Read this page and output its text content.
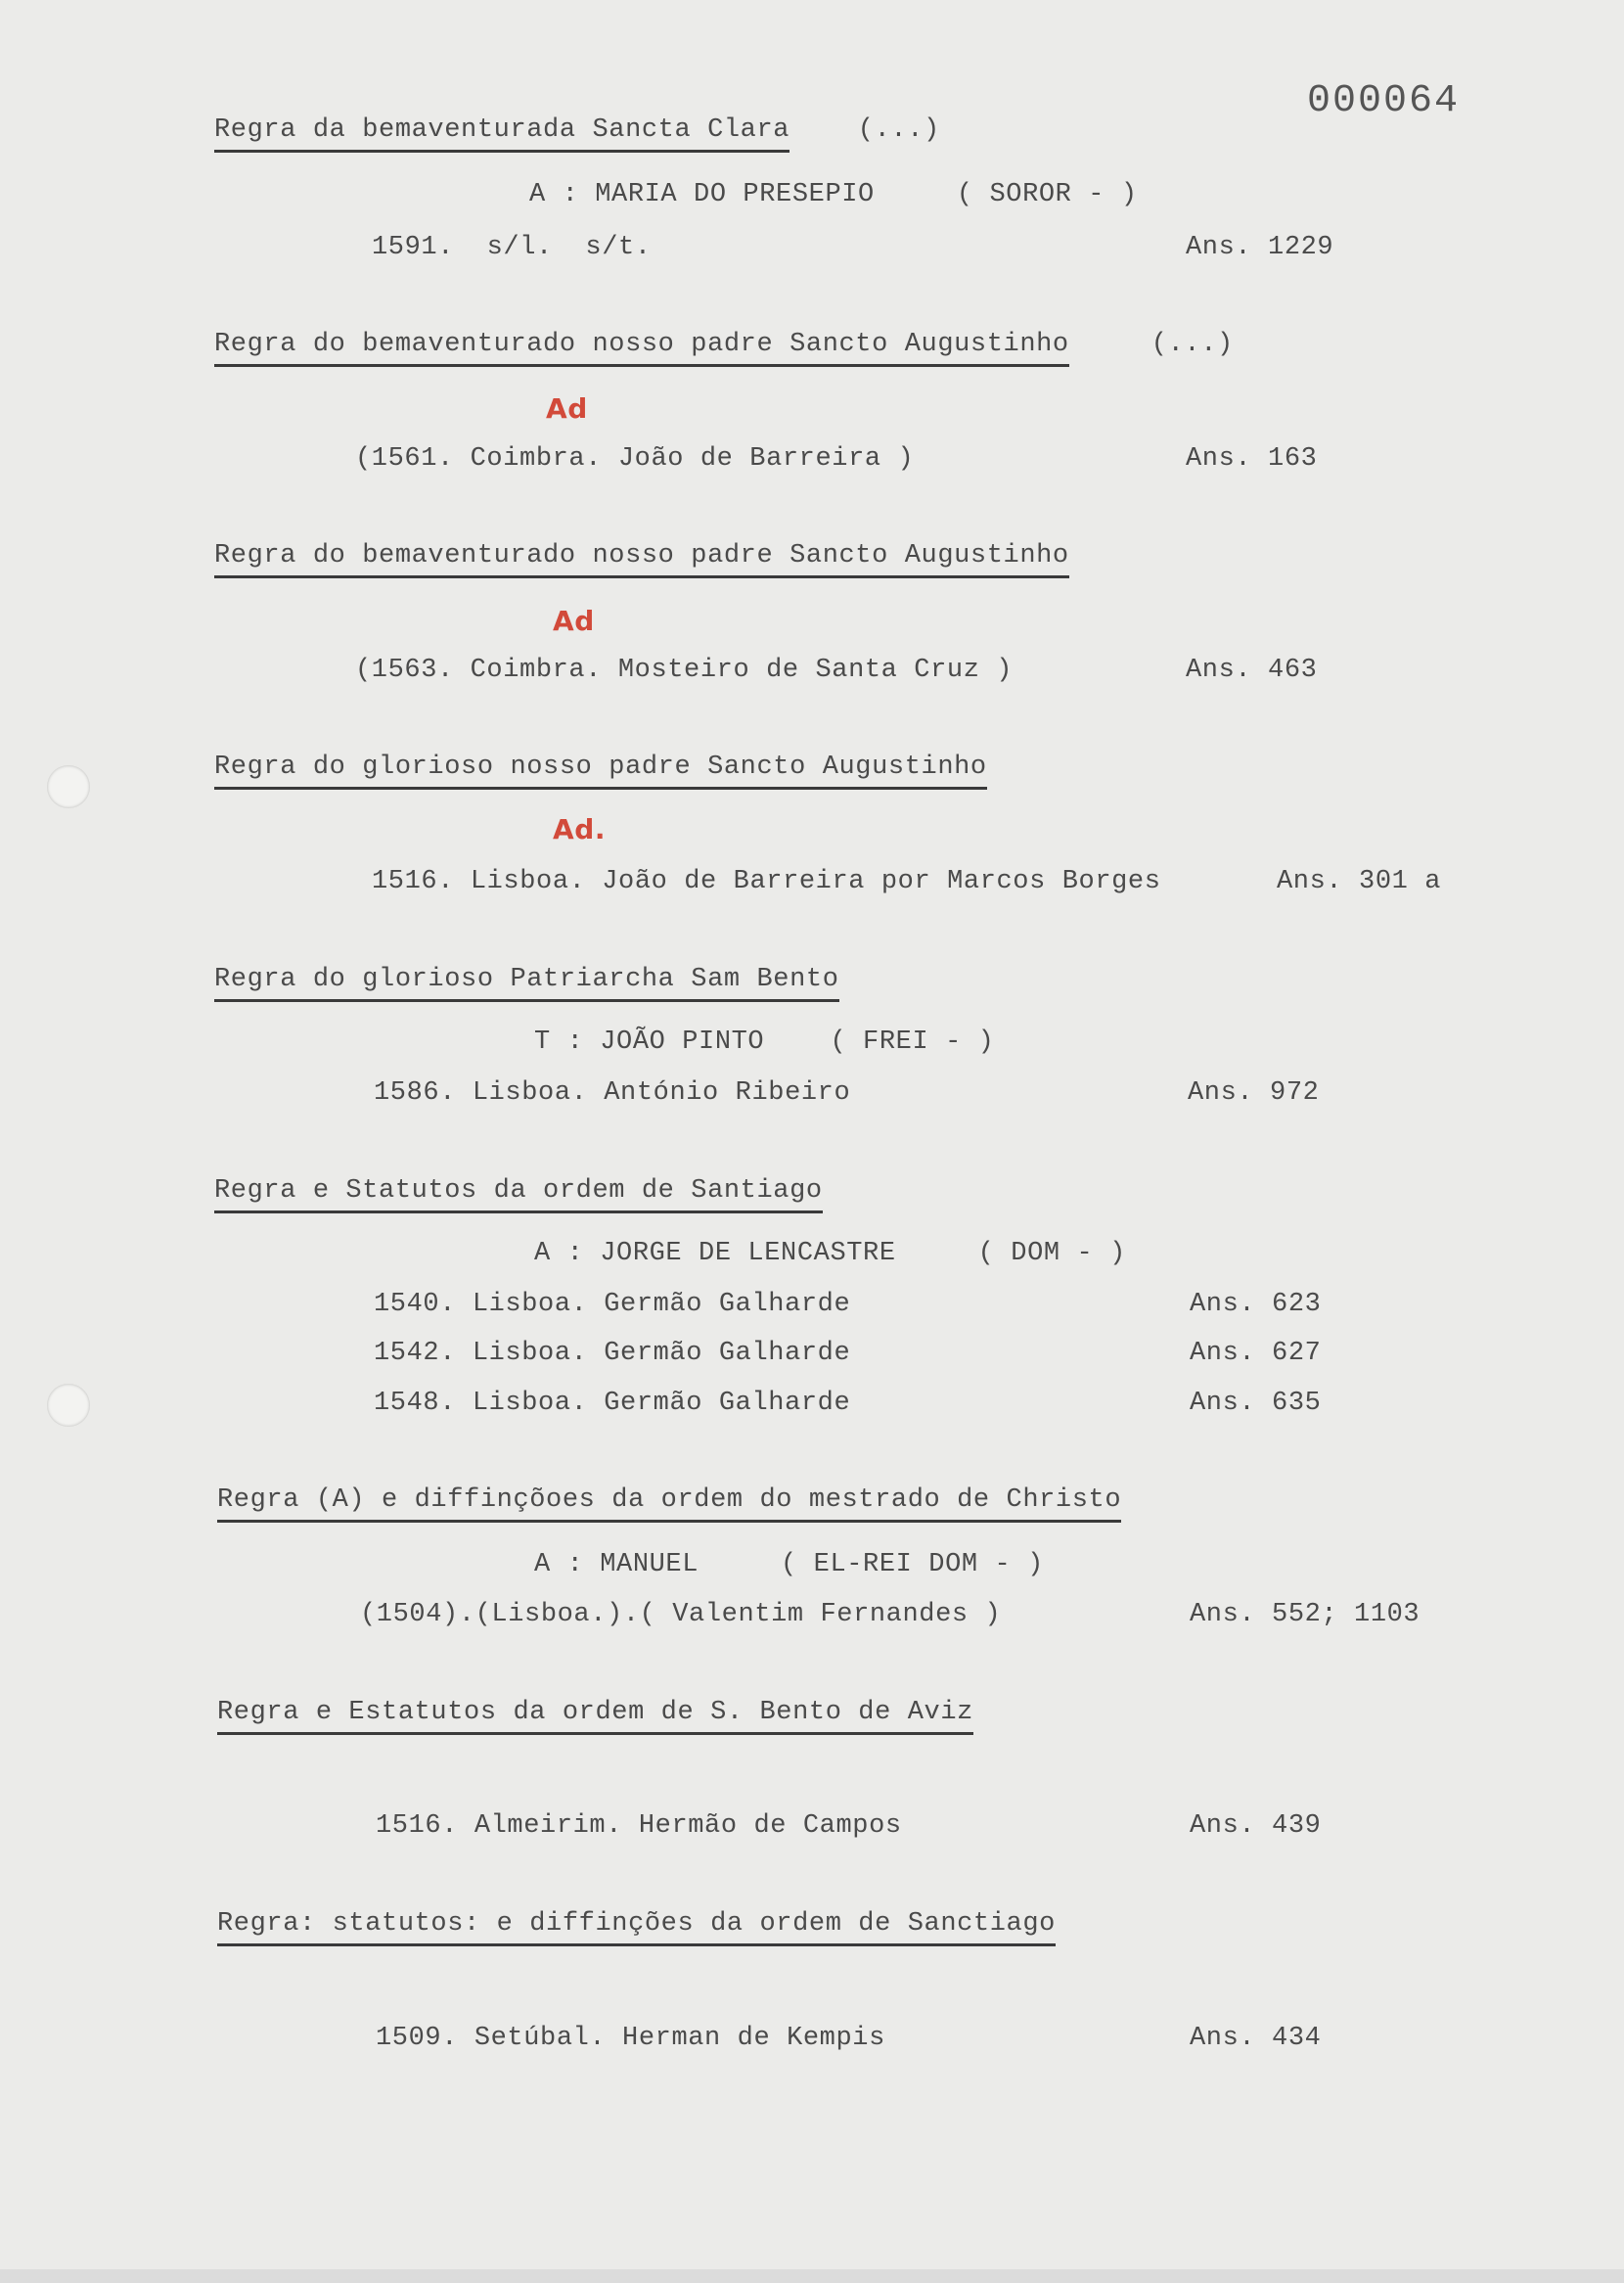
000064
Regra da bemaventurada Sancta Clara (...)
A : MARIA DO PRESEPIO     ( SOROR - )
1591.  s/l.  s/t.	Ans. 1229
Regra do bemaventurado nosso padre Sancto Augustinho (...)
Ad
(1561. Coimbra. João de Barreira )	Ans. 163
Regra do bemaventurado nosso padre Sancto Augustinho
Ad
(1563. Coimbra. Mosteiro de Santa Cruz )	Ans. 463
Regra do glorioso nosso padre Sancto Augustinho
Ad.
1516. Lisboa. João de Barreira por Marcos Borges	Ans. 301 a
Regra do glorioso Patriarcha Sam Bento
T : JOÃO PINTO    ( FREI - )
1586. Lisboa. António Ribeiro	Ans. 972
Regra e Statutos da ordem de Santiago
A : JORGE DE LENCASTRE     ( DOM - )
1540. Lisboa. Germão Galharde	Ans. 623
1542. Lisboa. Germão Galharde	Ans. 627
1548. Lisboa. Germão Galharde	Ans. 635
Regra (A) e diffinçõoes da ordem do mestrado de Christo
A : MANUEL     ( EL-REI DOM - )
(1504).(Lisboa.).( Valentim Fernandes )	Ans. 552; 1103
Regra e Estatutos da ordem de S. Bento de Aviz
1516. Almeirim. Hermão de Campos	Ans. 439
Regra: statutos: e diffinções da ordem de Sanctiago
1509. Setúbal. Herman de Kempis	Ans. 434
